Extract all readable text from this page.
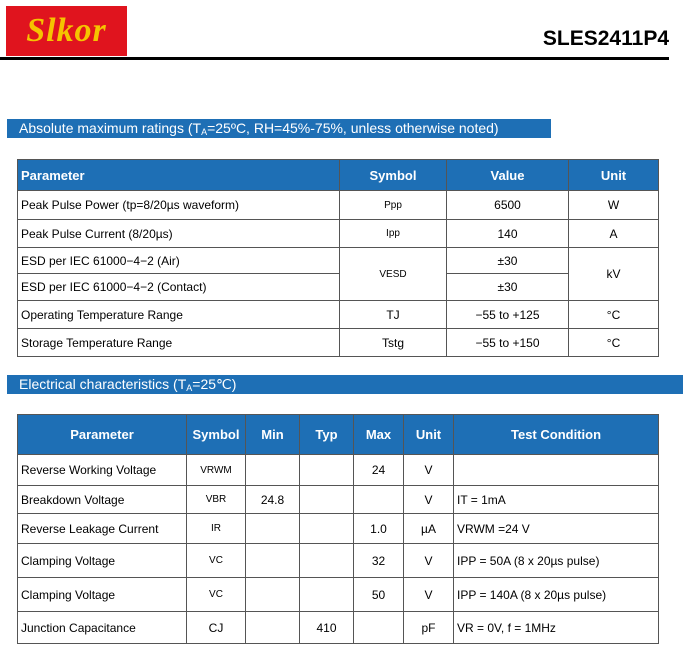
Slkor	SLES2411P4
Absolute maximum ratings ($T_A=25ºC$, RH=45%-75%, unless otherwise noted)
Parameter	Symbol	Value	Unit
Peak Pulse Power (tp=8/20µs waveform)	Ppp	6500	W
Peak Pulse Current (8/20µs)	Ipp	140	A
ESD per IEC 61000−4−2 (Air)	VESD	±30	kV
ESD per IEC 61000−4−2 (Contact)		±30	
Operating Temperature Range	TJ	−55 to +125	°C
Storage Temperature Range	Tstg	−55 to +150	°C
Electrical characteristics $(T_A=25℃)$
Parameter	Symbol	Min	Typ	Max	Unit	Test Condition
Reverse Working Voltage	VRWM			24	V	
Breakdown Voltage	VBR	24.8			V	IT = 1mA
Reverse Leakage Current	IR			1.0	µA	VRWM =24 V
Clamping Voltage	VC			32	V	IPP = 50A (8 x 20µs pulse)
Clamping Voltage	VC			50	V	IPP = 140A (8 x 20µs pulse)
Junction Capacitance	CJ		410		pF	VR = 0V, f = 1MHz
